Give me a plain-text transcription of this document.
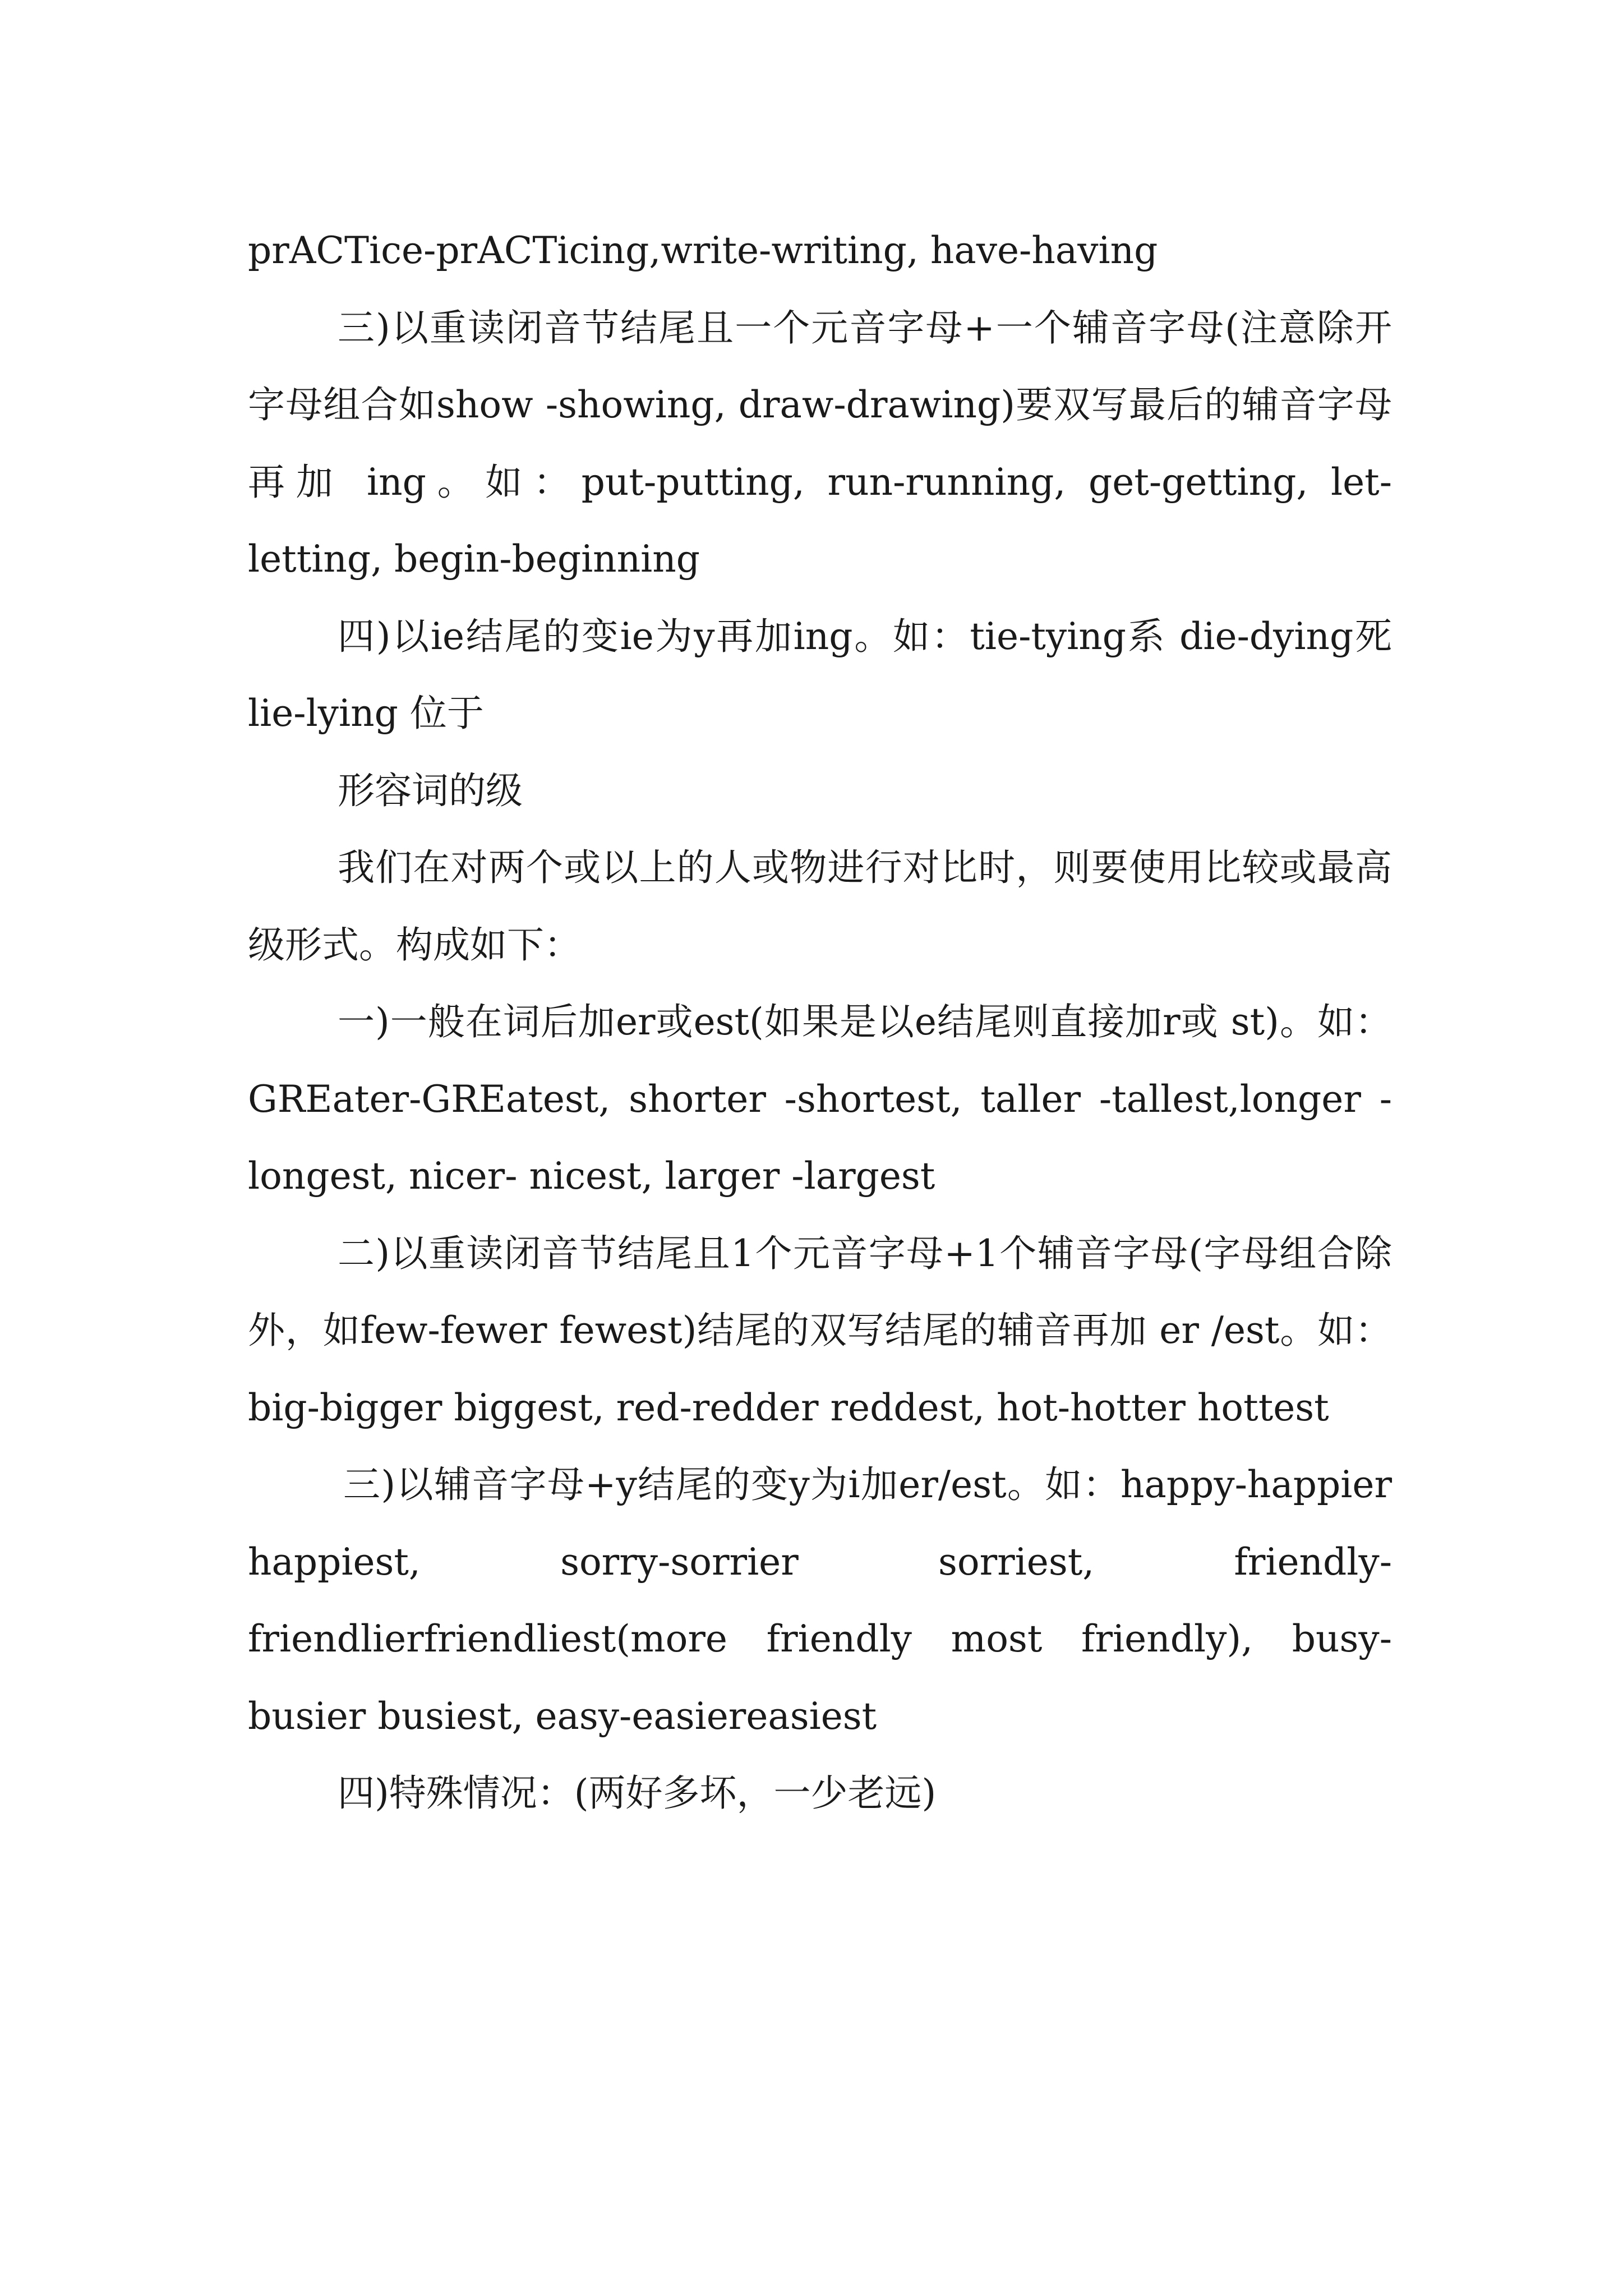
prACTice-prACTicing,write-writing, have-having

三)以重读闭音节结尾且一个元音字母+一个辅音字母(注意除开字母组合如show -showing, draw-drawing)要双写最后的辅音字母再加 ing。如：put-putting, run-running, get-getting, let-letting, begin-beginning

四)以ie结尾的变ie为y再加ing。如：tie-tying系 die-dying死 lie-lying 位于

形容词的级

我们在对两个或以上的人或物进行对比时，则要使用比较或最高级形式。构成如下：

一)一般在词后加er或est(如果是以e结尾则直接加r或 st)。如：GREater-GREatest, shorter -shortest, taller -tallest,longer -longest, nicer- nicest, larger -largest

二)以重读闭音节结尾且1个元音字母+1个辅音字母(字母组合除外，如few-fewer fewest)结尾的双写结尾的辅音再加 er /est。如：big-bigger biggest, red-redder reddest, hot-hotter hottest

三)以辅音字母+y结尾的变y为i加er/est。如：happy-happier happiest, sorry-sorrier sorriest, friendly-friendlierfriendliest(more friendly most friendly), busy-busier busiest, easy-easiereasiest

四)特殊情况：(两好多坏，一少老远)
